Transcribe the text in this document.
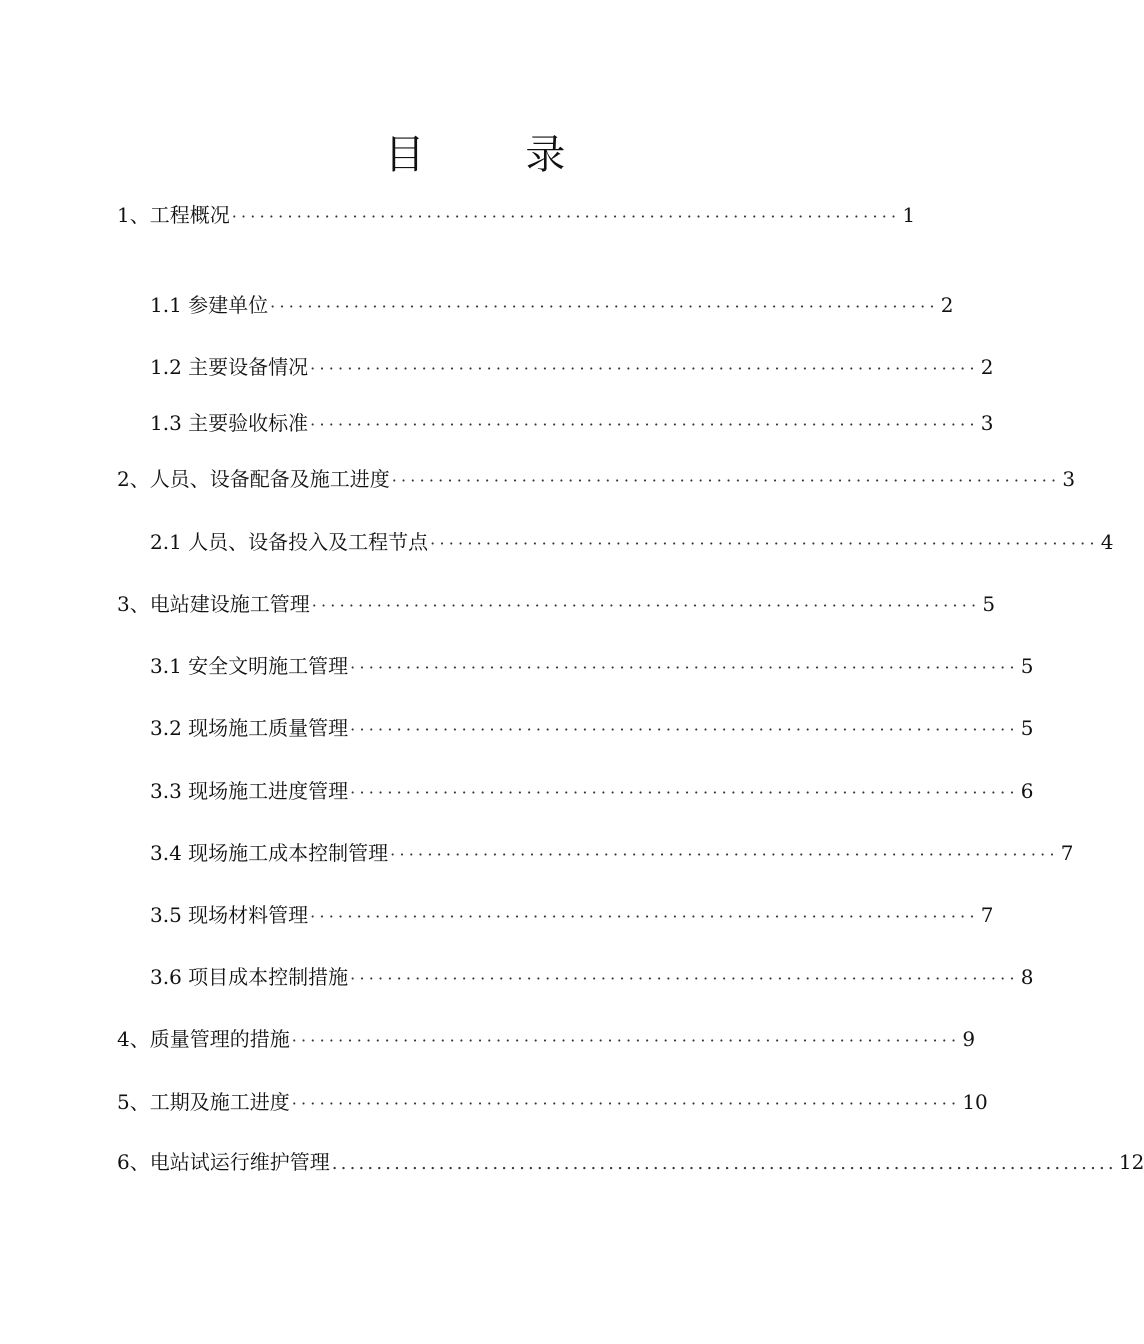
目 录
1、工程概况 ········································································ 1
1.1 参建单位 ········································································ 2
1.2 主要设备情况 ········································································ 2
1.3 主要验收标准 ········································································ 3
2、人员、设备配备及施工进度 ········································································ 3
2.1 人员、设备投入及工程节点 ········································································ 4
3、电站建设施工管理 ········································································ 5
3.1 安全文明施工管理 ········································································ 5
3.2 现场施工质量管理 ········································································ 5
3.3 现场施工进度管理 ········································································ 6
3.4 现场施工成本控制管理 ········································································ 7
3.5 现场材料管理 ········································································ 7
3.6 项目成本控制措施 ········································································ 8
4、质量管理的措施 ········································································ 9
5、工期及施工进度 ········································································ 10
6、电站试运行维护管理 ........................................................................................ 12
